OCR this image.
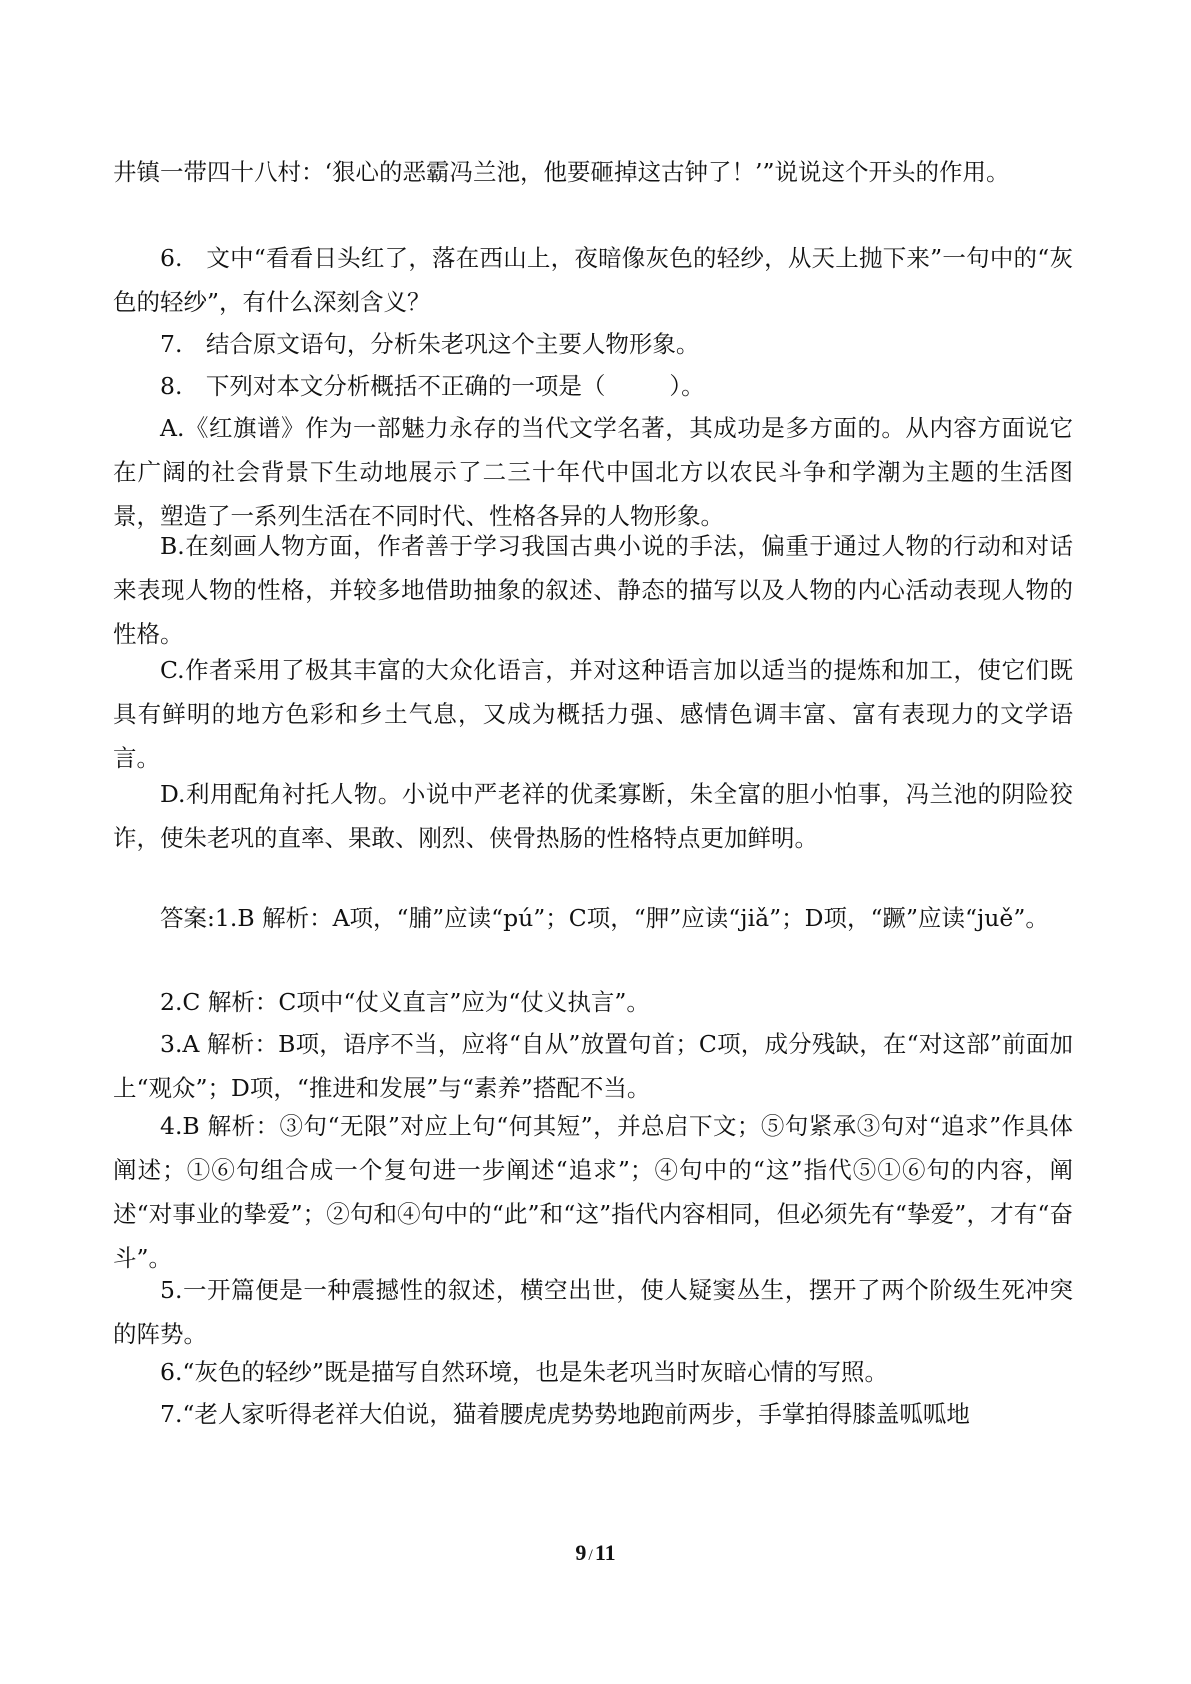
井镇一带四十八村：‘狠心的恶霸冯兰池，他要砸掉这古钟了！’”说说这个开头的作用。

6.　文中“看看日头红了，落在西山上，夜暗像灰色的轻纱，从天上抛下来”一句中的“灰色的轻纱”，有什么深刻含义？

7.　结合原文语句，分析朱老巩这个主要人物形象。

8.　下列对本文分析概括不正确的一项是（	）。

A.《红旗谱》作为一部魅力永存的当代文学名著，其成功是多方面的。从内容方面说它在广阔的社会背景下生动地展示了二三十年代中国北方以农民斗争和学潮为主题的生活图景，塑造了一系列生活在不同时代、性格各异的人物形象。

B.在刻画人物方面，作者善于学习我国古典小说的手法，偏重于通过人物的行动和对话来表现人物的性格，并较多地借助抽象的叙述、静态的描写以及人物的内心活动表现人物的性格。

C.作者采用了极其丰富的大众化语言，并对这种语言加以适当的提炼和加工，使它们既具有鲜明的地方色彩和乡土气息，又成为概括力强、感情色调丰富、富有表现力的文学语言。

D.利用配角衬托人物。小说中严老祥的优柔寡断，朱全富的胆小怕事，冯兰池的阴险狡诈，使朱老巩的直率、果敢、刚烈、侠骨热肠的性格特点更加鲜明。

答案:1.B 解析：A项，“脯”应读“pú”；C项，“胛”应读“jiǎ”；D项，“蹶”应读“juě”。

2.C 解析：C项中“仗义直言”应为“仗义执言”。

3.A 解析：B项，语序不当，应将“自从”放置句首；C项，成分残缺，在“对这部”前面加上“观众”；D项，“推进和发展”与“素养”搭配不当。

4.B 解析：③句“无限”对应上句“何其短”，并总启下文；⑤句紧承③句对“追求”作具体阐述；①⑥句组合成一个复句进一步阐述“追求”；④句中的“这”指代⑤①⑥句的内容，阐述“对事业的挚爱”；②句和④句中的“此”和“这”指代内容相同，但必须先有“挚爱”，才有“奋斗”。

5.一开篇便是一种震撼性的叙述，横空出世，使人疑窦丛生，摆开了两个阶级生死冲突的阵势。

6.“灰色的轻纱”既是描写自然环境，也是朱老巩当时灰暗心情的写照。

7.“老人家听得老祥大伯说，猫着腰虎虎势势地跑前两步，手掌拍得膝盖呱呱地

9 /11
